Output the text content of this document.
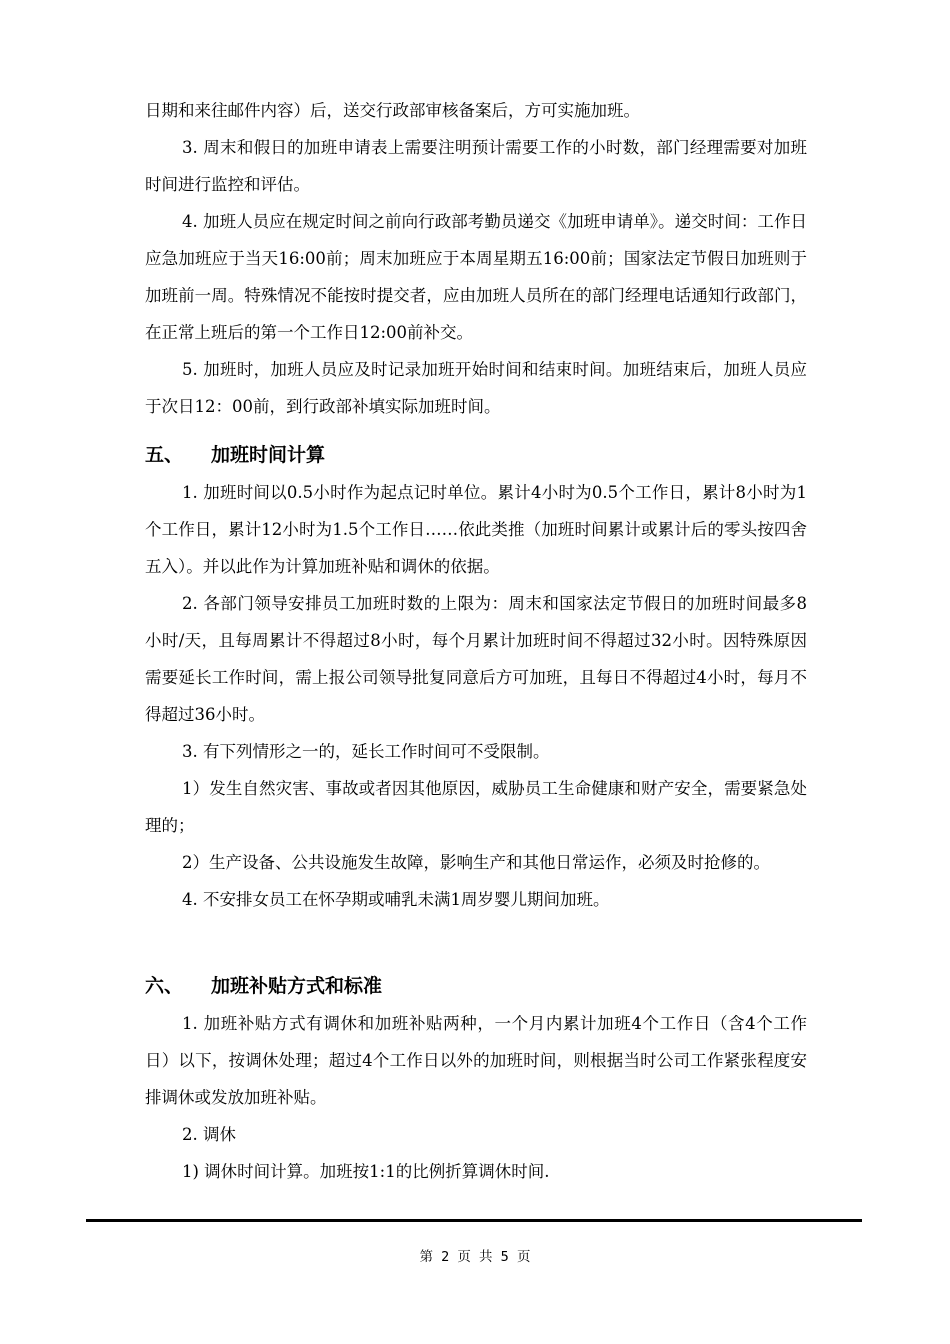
日期和来往邮件内容）后，送交行政部审核备案后，方可实施加班。

3. 周末和假日的加班申请表上需要注明预计需要工作的小时数，部门经理需要对加班时间进行监控和评估。

4. 加班人员应在规定时间之前向行政部考勤员递交《加班申请单》。递交时间：工作日应急加班应于当天16:00前；周末加班应于本周星期五16:00前；国家法定节假日加班则于加班前一周。特殊情况不能按时提交者，应由加班人员所在的部门经理电话通知行政部门，在正常上班后的第一个工作日12:00前补交。

5. 加班时，加班人员应及时记录加班开始时间和结束时间。加班结束后，加班人员应于次日12：00前，到行政部补填实际加班时间。

五、	加班时间计算

1. 加班时间以0.5小时作为起点记时单位。累计4小时为0.5个工作日，累计8小时为1个工作日，累计12小时为1.5个工作日……依此类推（加班时间累计或累计后的零头按四舍五入）。并以此作为计算加班补贴和调休的依据。

2. 各部门领导安排员工加班时数的上限为：周末和国家法定节假日的加班时间最多8小时/天，且每周累计不得超过8小时，每个月累计加班时间不得超过32小时。因特殊原因需要延长工作时间，需上报公司领导批复同意后方可加班，且每日不得超过4小时，每月不得超过36小时。

3. 有下列情形之一的，延长工作时间可不受限制。

1）发生自然灾害、事故或者因其他原因，威胁员工生命健康和财产安全，需要紧急处理的；

2）生产设备、公共设施发生故障，影响生产和其他日常运作，必须及时抢修的。

4. 不安排女员工在怀孕期或哺乳未满1周岁婴儿期间加班。

六、	加班补贴方式和标准

1. 加班补贴方式有调休和加班补贴两种，一个月内累计加班4个工作日（含4个工作日）以下，按调休处理；超过4个工作日以外的加班时间，则根据当时公司工作紧张程度安排调休或发放加班补贴。

2. 调休

1) 调休时间计算。加班按1:1的比例折算调休时间.

第 2 页 共 5 页
